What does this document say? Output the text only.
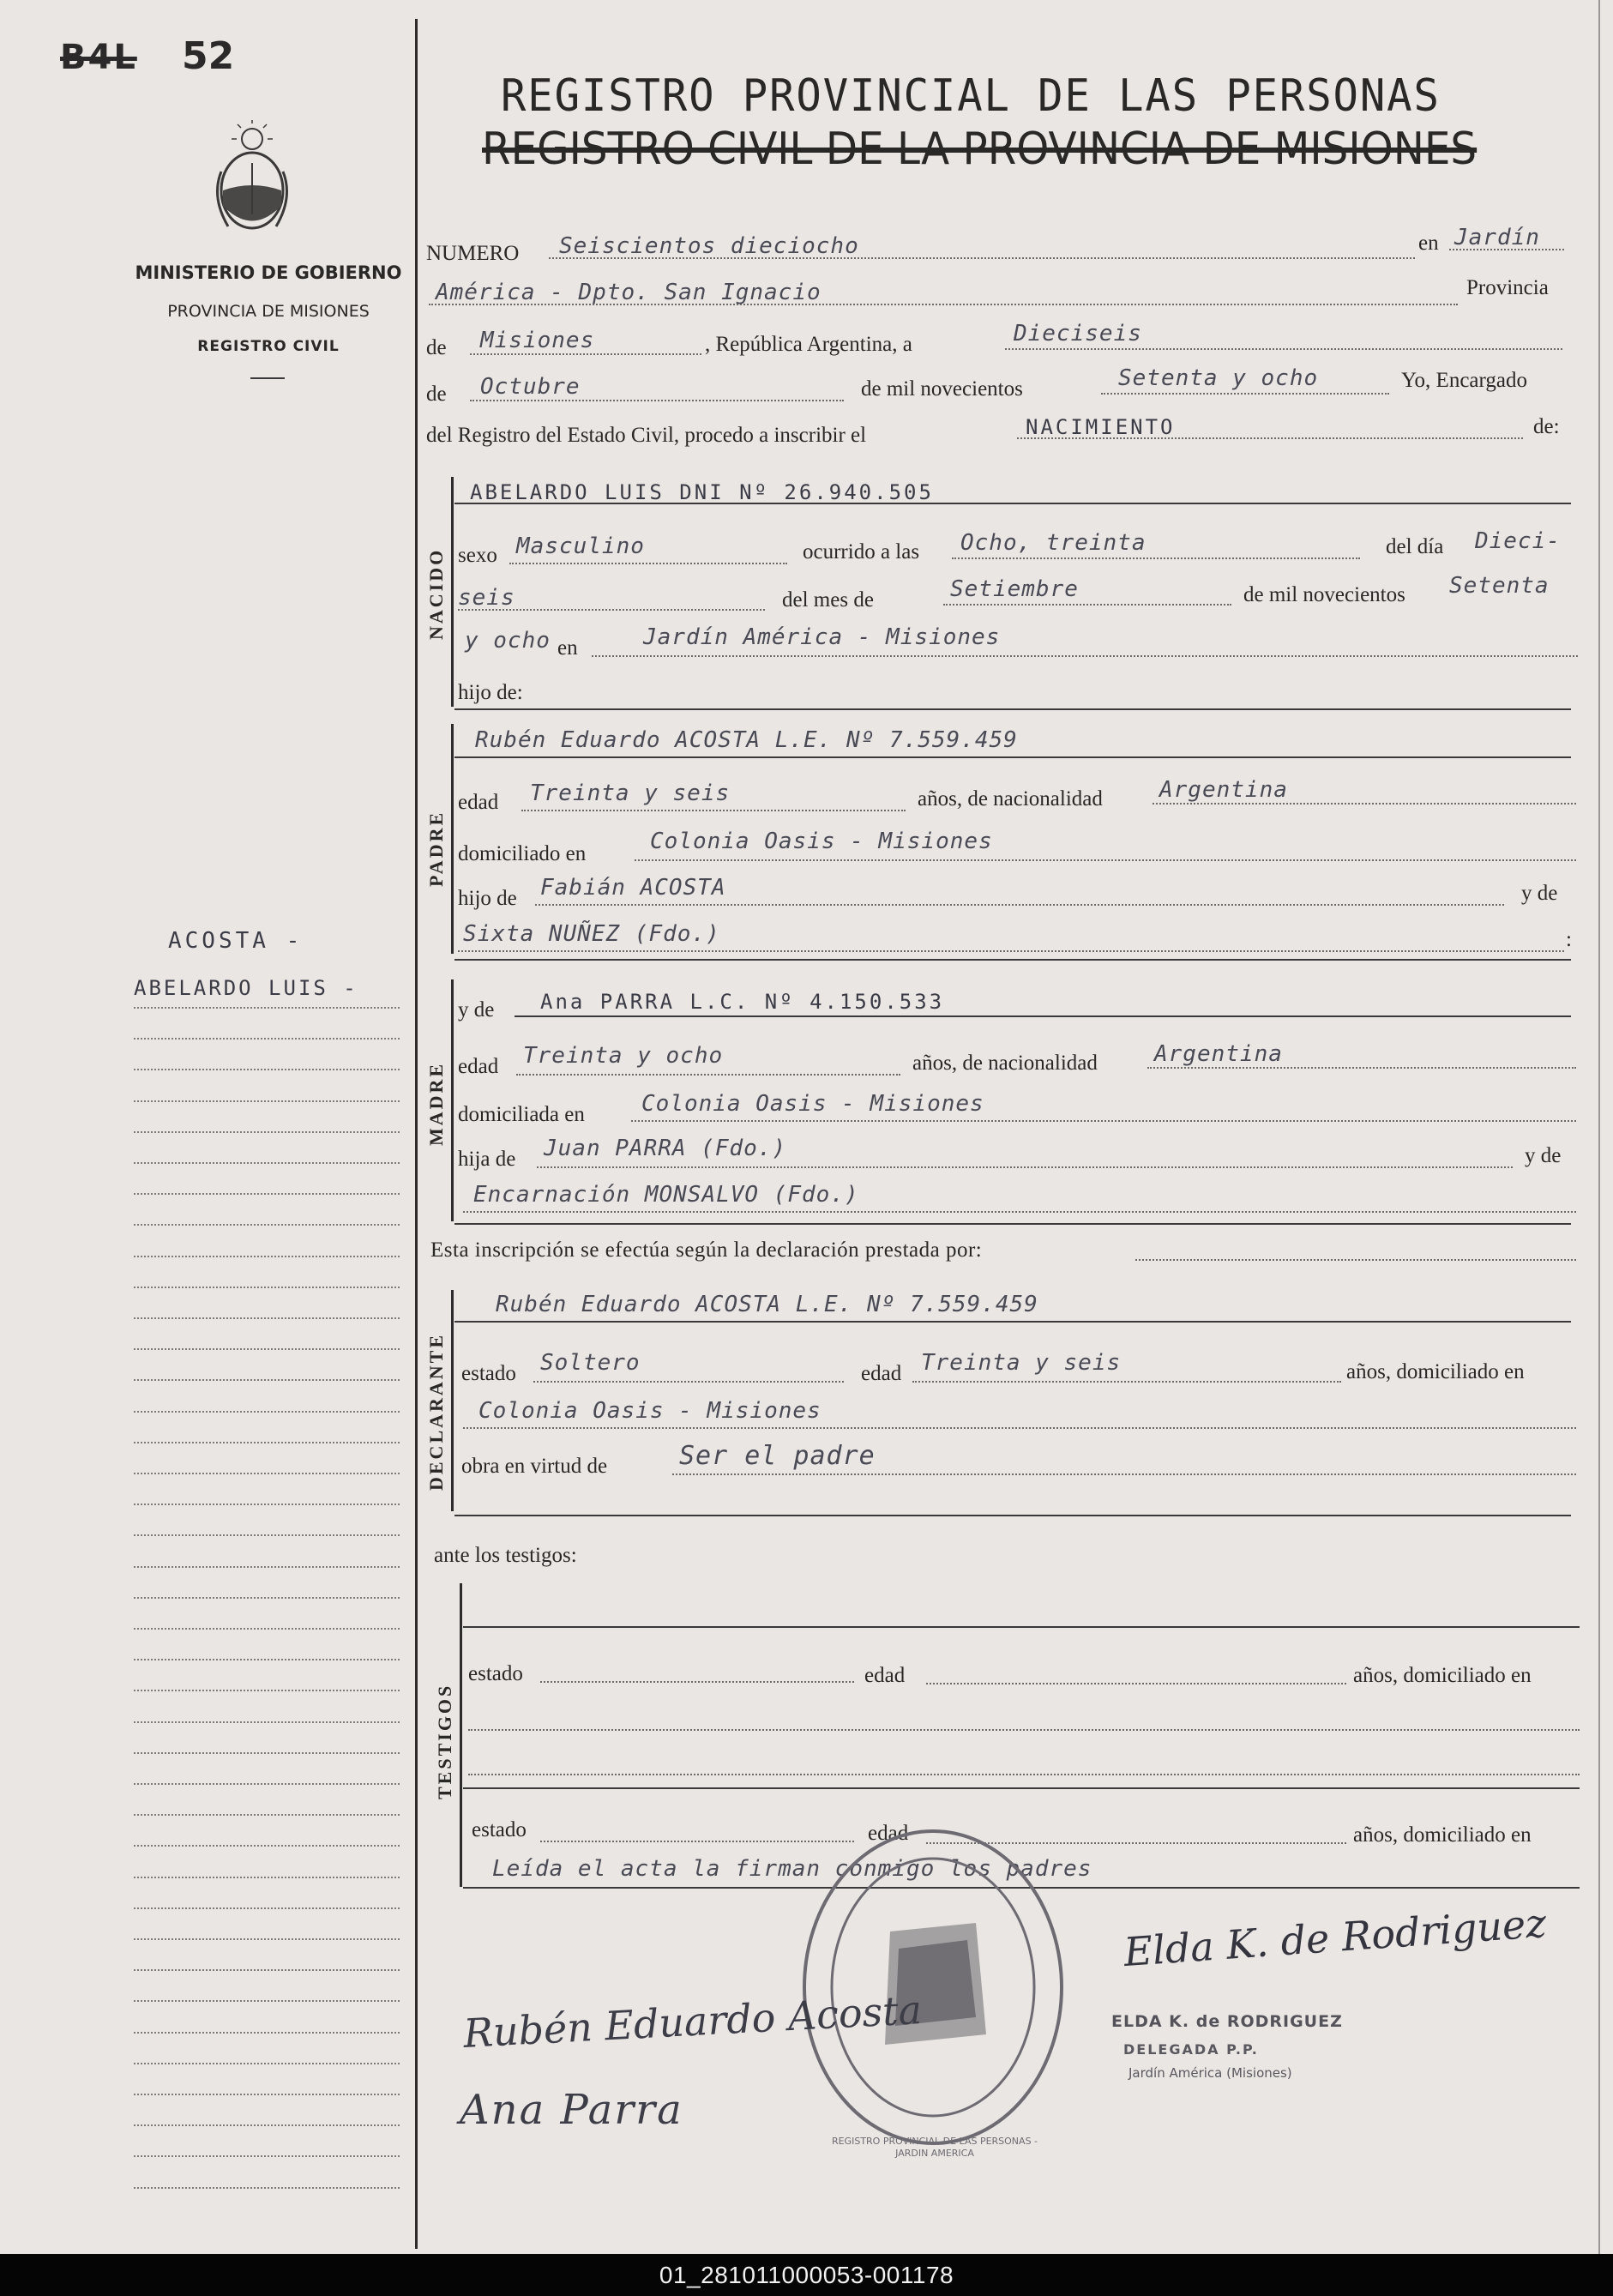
B4L 52
MINISTERIO DE GOBIERNO
PROVINCIA DE MISIONES
REGISTRO CIVIL
REGISTRO PROVINCIAL DE LAS PERSONAS
REGISTRO CIVIL DE LA PROVINCIA DE MISIONES
NUMERO Seiscientos dieciocho	en Jardín
América - Dpto. San Ignacio	Provincia
de Misiones	, República Argentina, a	Dieciseis
de Octubre	de mil novecientos	Setenta y ocho	Yo, Encargado
del Registro del Estado Civil, procedo a inscribir el	NACIMIENTO	de:
NACIDO
ABELARDO LUIS DNI Nº 26.940.505
sexo Masculino	ocurrido a las Ocho, treinta	del día Dieci-
seis	del mes de	Setiembre	de mil novecientos Setenta
y ocho en	Jardín América - Misiones
hijo de:
PADRE
Rubén Eduardo ACOSTA L.E. Nº 7.559.459
edad Treinta y seis	años, de nacionalidad	Argentina
domiciliado en	Colonia Oasis - Misiones
hijo de Fabián ACOSTA	y de
Sixta NUÑEZ (Fdo.)	:
ACOSTA -
ABELARDO LUIS -
MADRE
y de Ana PARRA L.C. Nº 4.150.533
edad Treinta y ocho	años, de nacionalidad	Argentina
domiciliada en	Colonia Oasis - Misiones
hija de Juan PARRA (Fdo.)	y de
Encarnación MONSALVO (Fdo.)
Esta inscripción se efectúa según la declaración prestada por:
DECLARANTE
Rubén Eduardo ACOSTA L.E. Nº 7.559.459
estado Soltero	edad Treinta y seis	años, domiciliado en
Colonia Oasis - Misiones
obra en virtud de	Ser el padre
ante los testigos:
TESTIGOS
estado	edad	años, domiciliado en
estado	edad	años, domiciliado en
Leída el acta la firman conmigo los padres
REGISTRO PROVINCIAL DE LAS PERSONAS - JARDIN AMERICA
Rubén Eduardo Acosta
Ana Parra
Elda K. de Rodriguez
ELDA K. de RODRIGUEZ
DELEGADA P.P.
Jardín América (Misiones)
01_281011000053-001178
